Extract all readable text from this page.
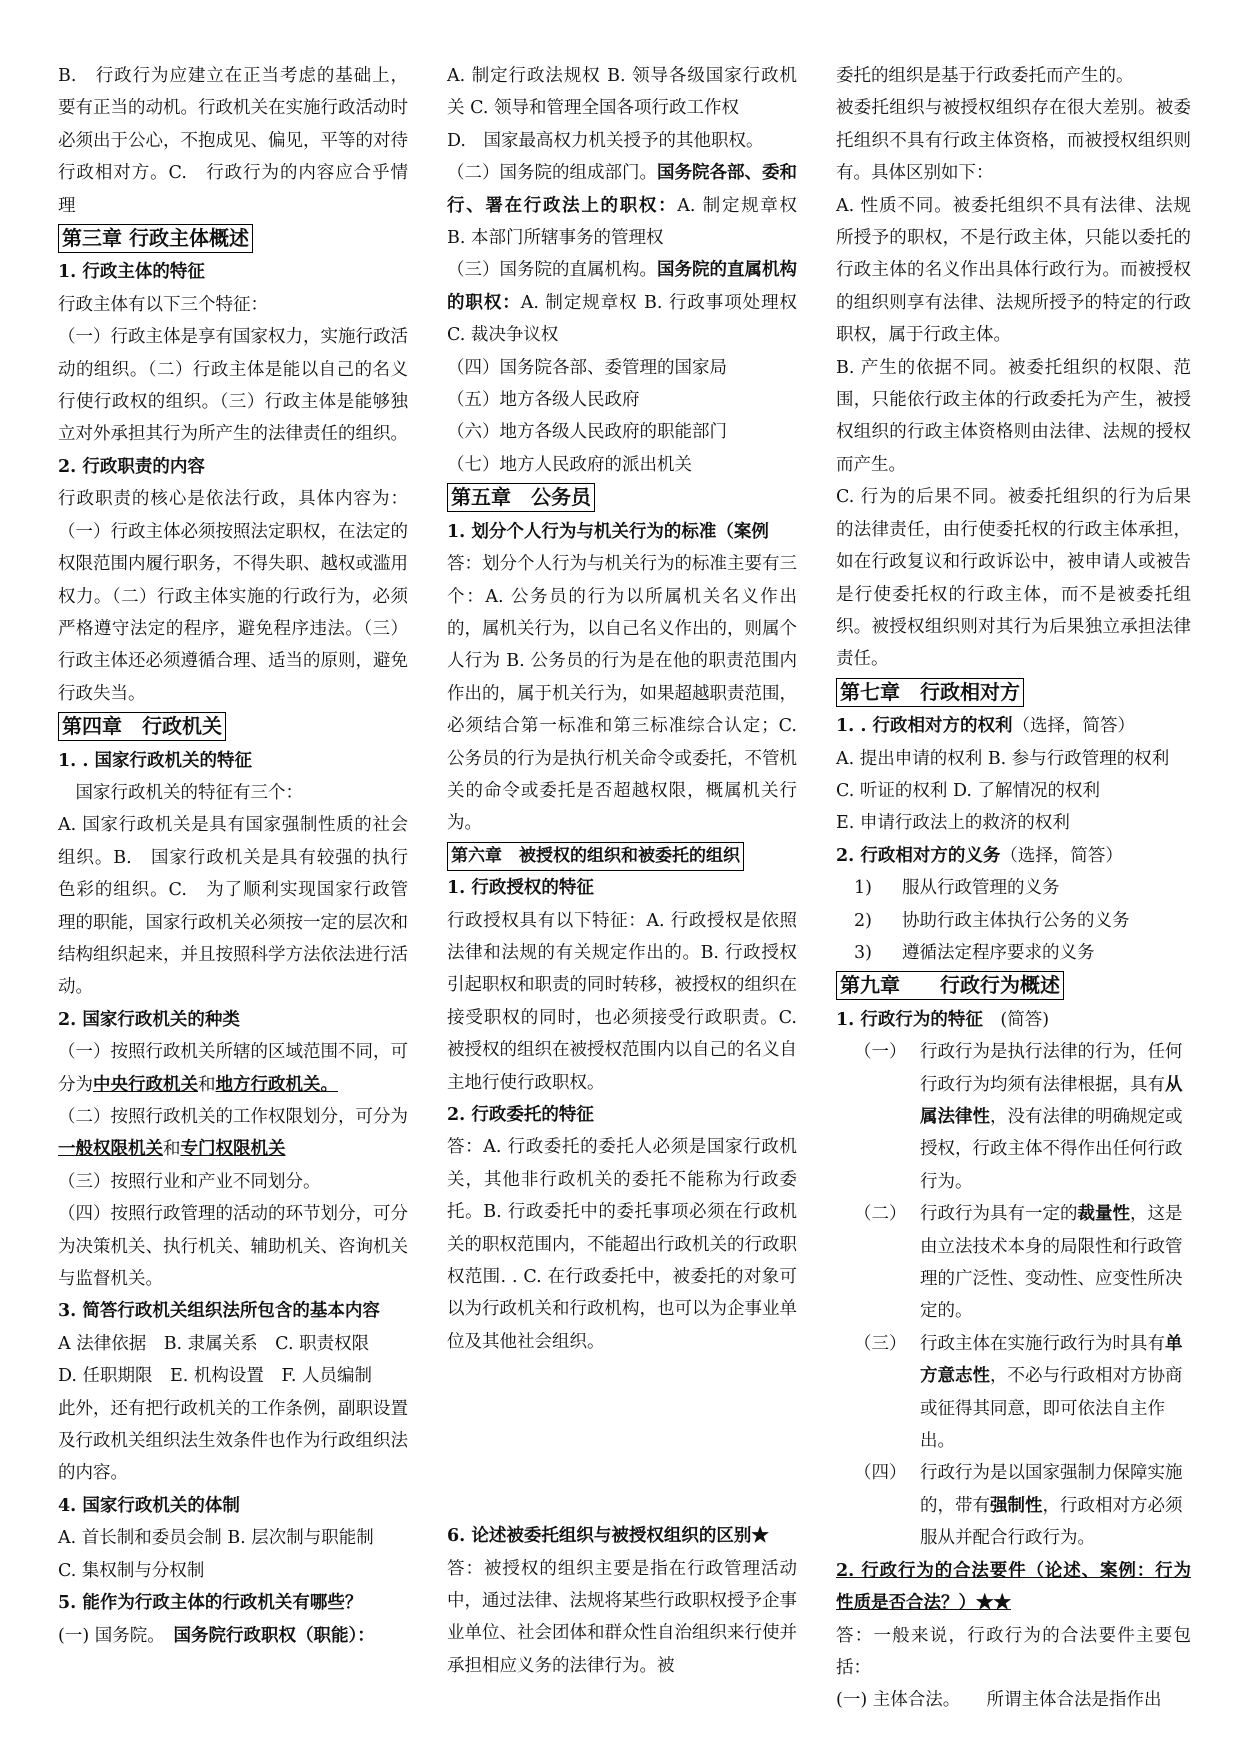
B.　行政行为应建立在正当考虑的基础上，要有正当的动机。行政机关在实施行政活动时必须出于公心，不抱成见、偏见，平等的对待行政相对方。C.　行政行为的内容应合乎情理

第三章 行政主体概述

1. 行政主体的特征

行政主体有以下三个特征：

（一）行政主体是享有国家权力，实施行政活动的组织。（二）行政主体是能以自己的名义行使行政权的组织。（三）行政主体是能够独立对外承担其行为所产生的法律责任的组织。

2. 行政职责的内容

行政职责的核心是依法行政，具体内容为：（一）行政主体必须按照法定职权，在法定的权限范围内履行职务，不得失职、越权或滥用权力。（二）行政主体实施的行政行为，必须严格遵守法定的程序，避免程序违法。（三）行政主体还必须遵循合理、适当的原则，避免行政失当。

第四章　行政机关

1. . 国家行政机关的特征

　国家行政机关的特征有三个：

A. 国家行政机关是具有国家强制性质的社会组织。B.　国家行政机关是具有较强的执行色彩的组织。C.　为了顺利实现国家行政管理的职能，国家行政机关必须按一定的层次和结构组织起来，并且按照科学方法依法进行活动。

2. 国家行政机关的种类

（一）按照行政机关所辖的区域范围不同，可分为中央行政机关和地方行政机关。

（二）按照行政机关的工作权限划分，可分为一般权限机关和专门权限机关

（三）按照行业和产业不同划分。

（四）按照行政管理的活动的环节划分，可分为决策机关、执行机关、辅助机关、咨询机关与监督机关。

3. 简答行政机关组织法所包含的基本内容

A 法律依据　B. 隶属关系　C. 职责权限

D. 任职期限　E. 机构设置　F. 人员编制

此外，还有把行政机关的工作条例，副职设置及行政机关组织法生效条件也作为行政组织法的内容。

4. 国家行政机关的体制

A. 首长制和委员会制 B. 层次制与职能制

C. 集权制与分权制

5. 能作为行政主体的行政机关有哪些？

(一) 国务院。　国务院行政职权（职能）：

A. 制定行政法规权 B. 领导各级国家行政机关 C. 领导和管理全国各项行政工作权

D.　国家最高权力机关授予的其他职权。

（二）国务院的组成部门。国务院各部、委和行、署在行政法上的职权：A. 制定规章权　B. 本部门所辖事务的管理权

（三）国务院的直属机构。国务院的直属机构的职权：A. 制定规章权 B. 行政事项处理权 C. 裁决争议权

（四）国务院各部、委管理的国家局

（五）地方各级人民政府

（六）地方各级人民政府的职能部门

（七）地方人民政府的派出机关

第五章　公务员

1. 划分个人行为与机关行为的标准（案例

答：划分个人行为与机关行为的标准主要有三个：A. 公务员的行为以所属机关名义作出的，属机关行为，以自己名义作出的，则属个人行为 B. 公务员的行为是在他的职责范围内作出的，属于机关行为，如果超越职责范围，必须结合第一标准和第三标准综合认定；C. 公务员的行为是执行机关命令或委托，不管机关的命令或委托是否超越权限，概属机关行为。

第六章　被授权的组织和被委托的组织

1. 行政授权的特征

行政授权具有以下特征：A. 行政授权是依照法律和法规的有关规定作出的。B. 行政授权引起职权和职责的同时转移，被授权的组织在接受职权的同时，也必须接受行政职责。C. 被授权的组织在被授权范围内以自己的名义自主地行使行政职权。

2. 行政委托的特征

答：A. 行政委托的委托人必须是国家行政机关，其他非行政机关的委托不能称为行政委托。B. 行政委托中的委托事项必须在行政机关的职权范围内，不能超出行政机关的行政职权范围. . C. 在行政委托中，被委托的对象可以为行政机关和行政机构，也可以为企事业单位及其他社会组织。

6. 论述被委托组织与被授权组织的区别★

答：被授权的组织主要是指在行政管理活动中，通过法律、法规将某些行政职权授予企事业单位、社会团体和群众性自治组织来行使并承担相应义务的法律行为。被

委托的组织是基于行政委托而产生的。

被委托组织与被授权组织存在很大差别。被委托组织不具有行政主体资格，而被授权组织则有。具体区别如下：

A. 性质不同。被委托组织不具有法律、法规所授予的职权，不是行政主体，只能以委托的行政主体的名义作出具体行政行为。而被授权的组织则享有法律、法规所授予的特定的行政职权，属于行政主体。

B. 产生的依据不同。被委托组织的权限、范围，只能依行政主体的行政委托为产生，被授权组织的行政主体资格则由法律、法规的授权而产生。

C. 行为的后果不同。被委托组织的行为后果的法律责任，由行使委托权的行政主体承担，如在行政复议和行政诉讼中，被申请人或被告是行使委托权的行政主体，而不是被委托组织。被授权组织则对其行为后果独立承担法律责任。

第七章　行政相对方

1. . 行政相对方的权利（选择，简答）

A. 提出申请的权利 B. 参与行政管理的权利

C. 听证的权利 D. 了解情况的权利

E. 申请行政法上的救济的权利

2. 行政相对方的义务（选择，简答）

1)	服从行政管理的义务
2)	协助行政主体执行公务的义务
3)	遵循法定程序要求的义务

第九章　　行政行为概述

1. 行政行为的特征　(简答)

（一） 行政行为是执行法律的行为，任何行政行为均须有法律根据，具有从属法律性，没有法律的明确规定或授权，行政主体不得作出任何行政行为。
（二） 行政行为具有一定的裁量性，这是由立法技术本身的局限性和行政管理的广泛性、变动性、应变性所决定的。
（三） 行政主体在实施行政行为时具有单方意志性，不必与行政相对方协商或征得其同意，即可依法自主作出。
（四） 行政行为是以国家强制力保障实施的，带有强制性，行政相对方必须服从并配合行政行为。

2. 行政行为的合法要件（论述、案例：行为性质是否合法？）★★

答：一般来说，行政行为的合法要件主要包括：

(一) 主体合法。　　所谓主体合法是指作出
